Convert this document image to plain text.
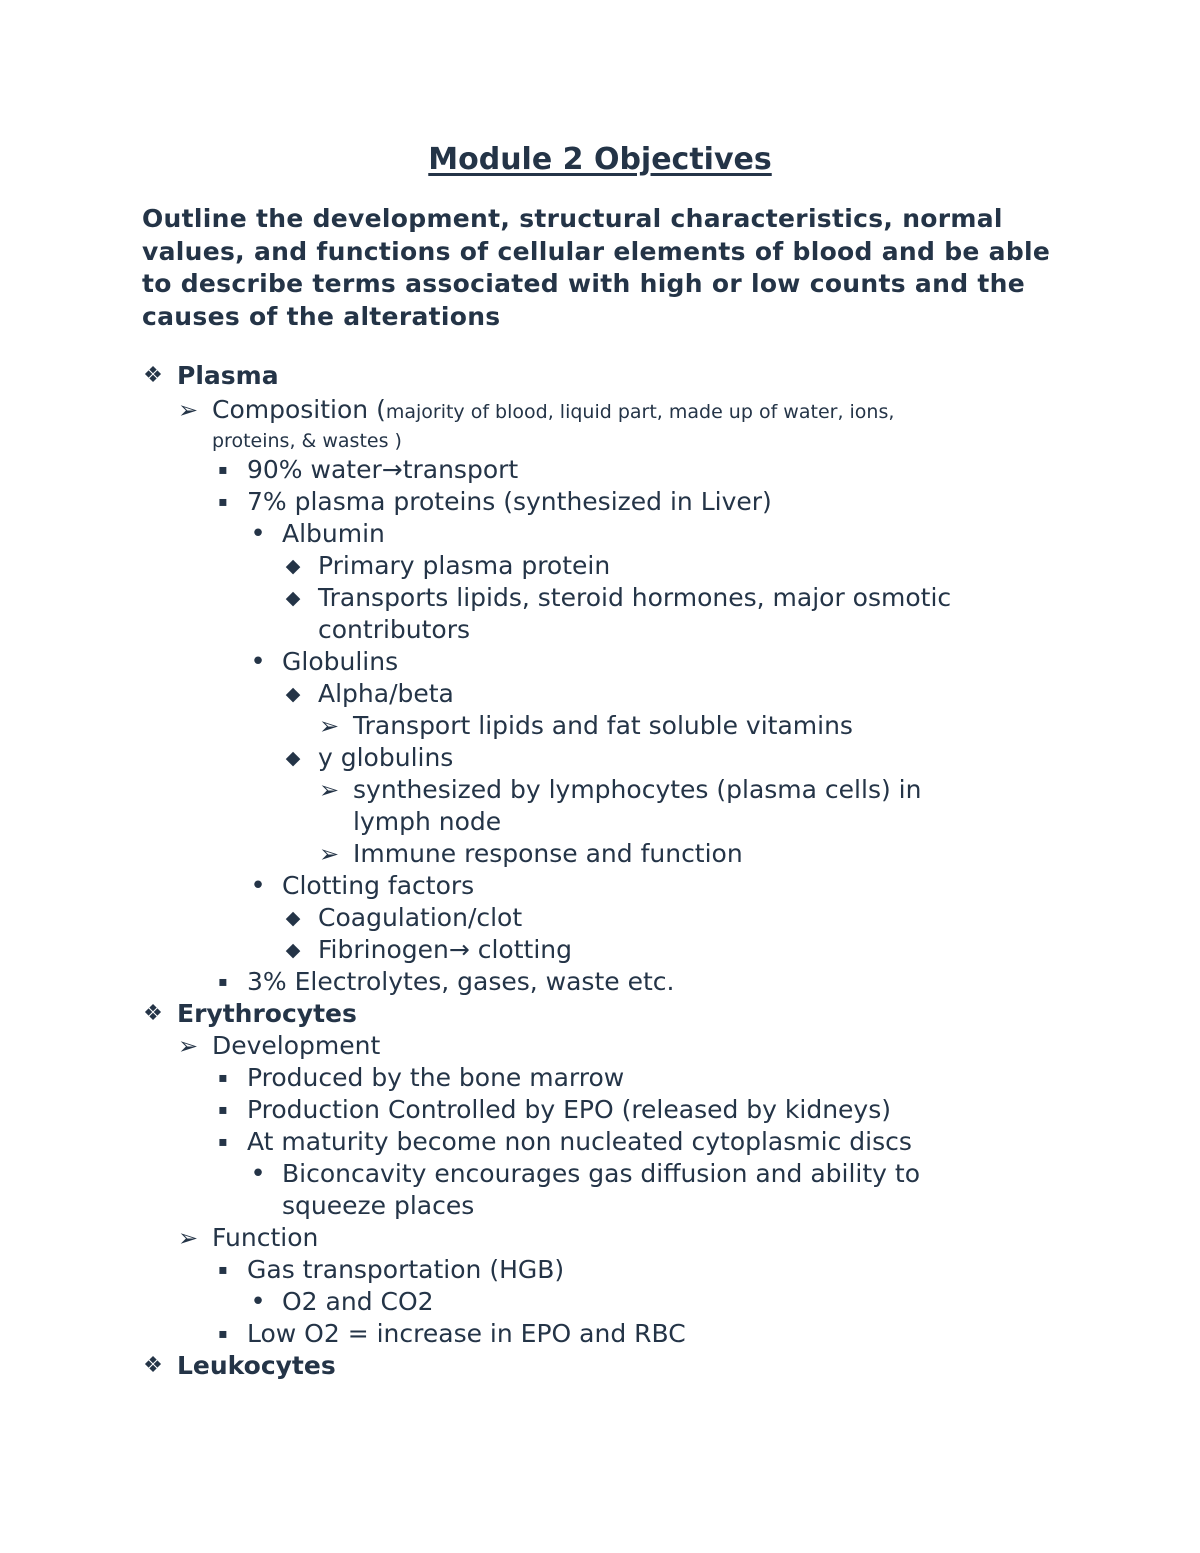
Module 2 Objectives
Outline the development, structural characteristics, normal values, and functions of cellular elements of blood and be able to describe terms associated with high or low counts and the causes of the alterations
❖ Plasma
➢ Composition (majority of blood, liquid part, made up of water, ions,
proteins, & wastes )
▪ 90% water→transport
▪ 7% plasma proteins (synthesized in Liver)
• Albumin
◆ Primary plasma protein
◆ Transports lipids, steroid hormones, major osmotic contributors
• Globulins
◆ Alpha/beta
➢ Transport lipids and fat soluble vitamins
◆ y globulins
➢ synthesized by lymphocytes (plasma cells) in lymph node
➢ Immune response and function
• Clotting factors
◆ Coagulation/clot
◆ Fibrinogen→ clotting
▪ 3% Electrolytes, gases, waste etc.
❖ Erythrocytes
➢ Development
▪ Produced by the bone marrow
▪ Production Controlled by EPO (released by kidneys)
▪ At maturity become non nucleated cytoplasmic discs
• Biconcavity encourages gas diffusion and ability to squeeze places
➢ Function
▪ Gas transportation (HGB)
• O2 and CO2
▪ Low O2 = increase in EPO and RBC
❖ Leukocytes
